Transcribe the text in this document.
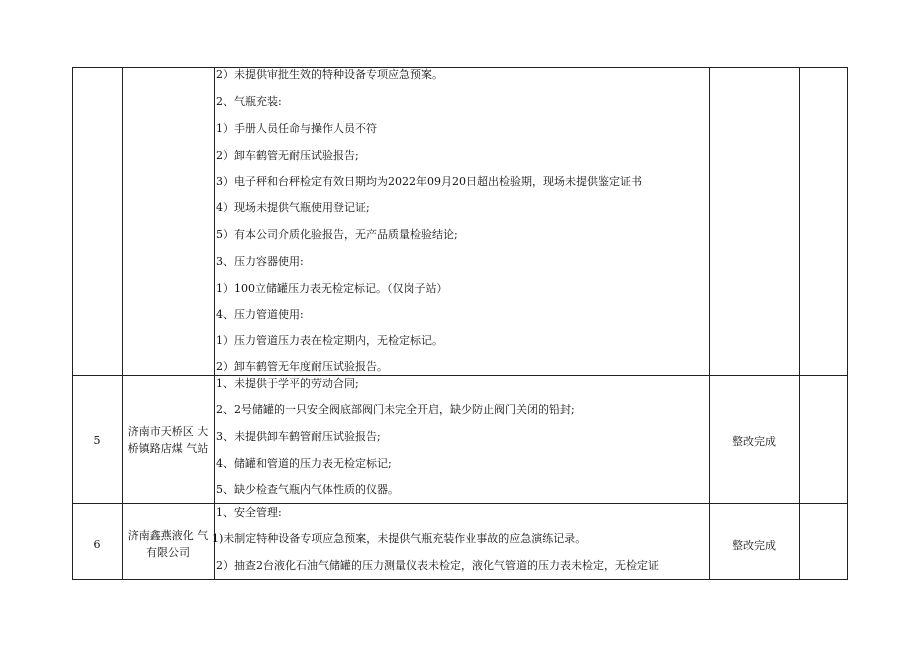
2）未提供审批生效的特种设备专项应急预案。
2、气瓶充装:
1）手册人员任命与操作人员不符
2）卸车鹤管无耐压试验报告;
3）电子秤和台秤检定有效日期均为2022年09月20日超出检验期，现场未提供鉴定证书
4）现场未提供气瓶使用登记证;
5）有本公司介质化验报告，无产品质量检验结论;
3、压力容器使用:
1）100立储罐压力表无检定标记。（仅岗子站）
4、压力管道使用:
1）压力管道压力表在检定期内，无检定标记。
2）卸车鹤管无年度耐压试验报告。
5
济南市天桥区 大
桥镇路店煤 气站
整改完成
1、未提供于学平的劳动合同;
2、2号储罐的一只安全阀底部阀门未完全开启，缺少防止阀门关闭的铅封;
3、未提供卸车鹤管耐压试验报告;
4、储罐和管道的压力表无检定标记;
5、缺少检查气瓶内气体性质的仪器。
6
济南鑫燕液化 气
有限公司
整改完成
1、安全管理:
1)未制定特种设备专项应急预案，未提供气瓶充装作业事故的应急演练记录。
2）抽查2台液化石油气储罐的压力测量仪表未检定，液化气管道的压力表未检定，无检定证
